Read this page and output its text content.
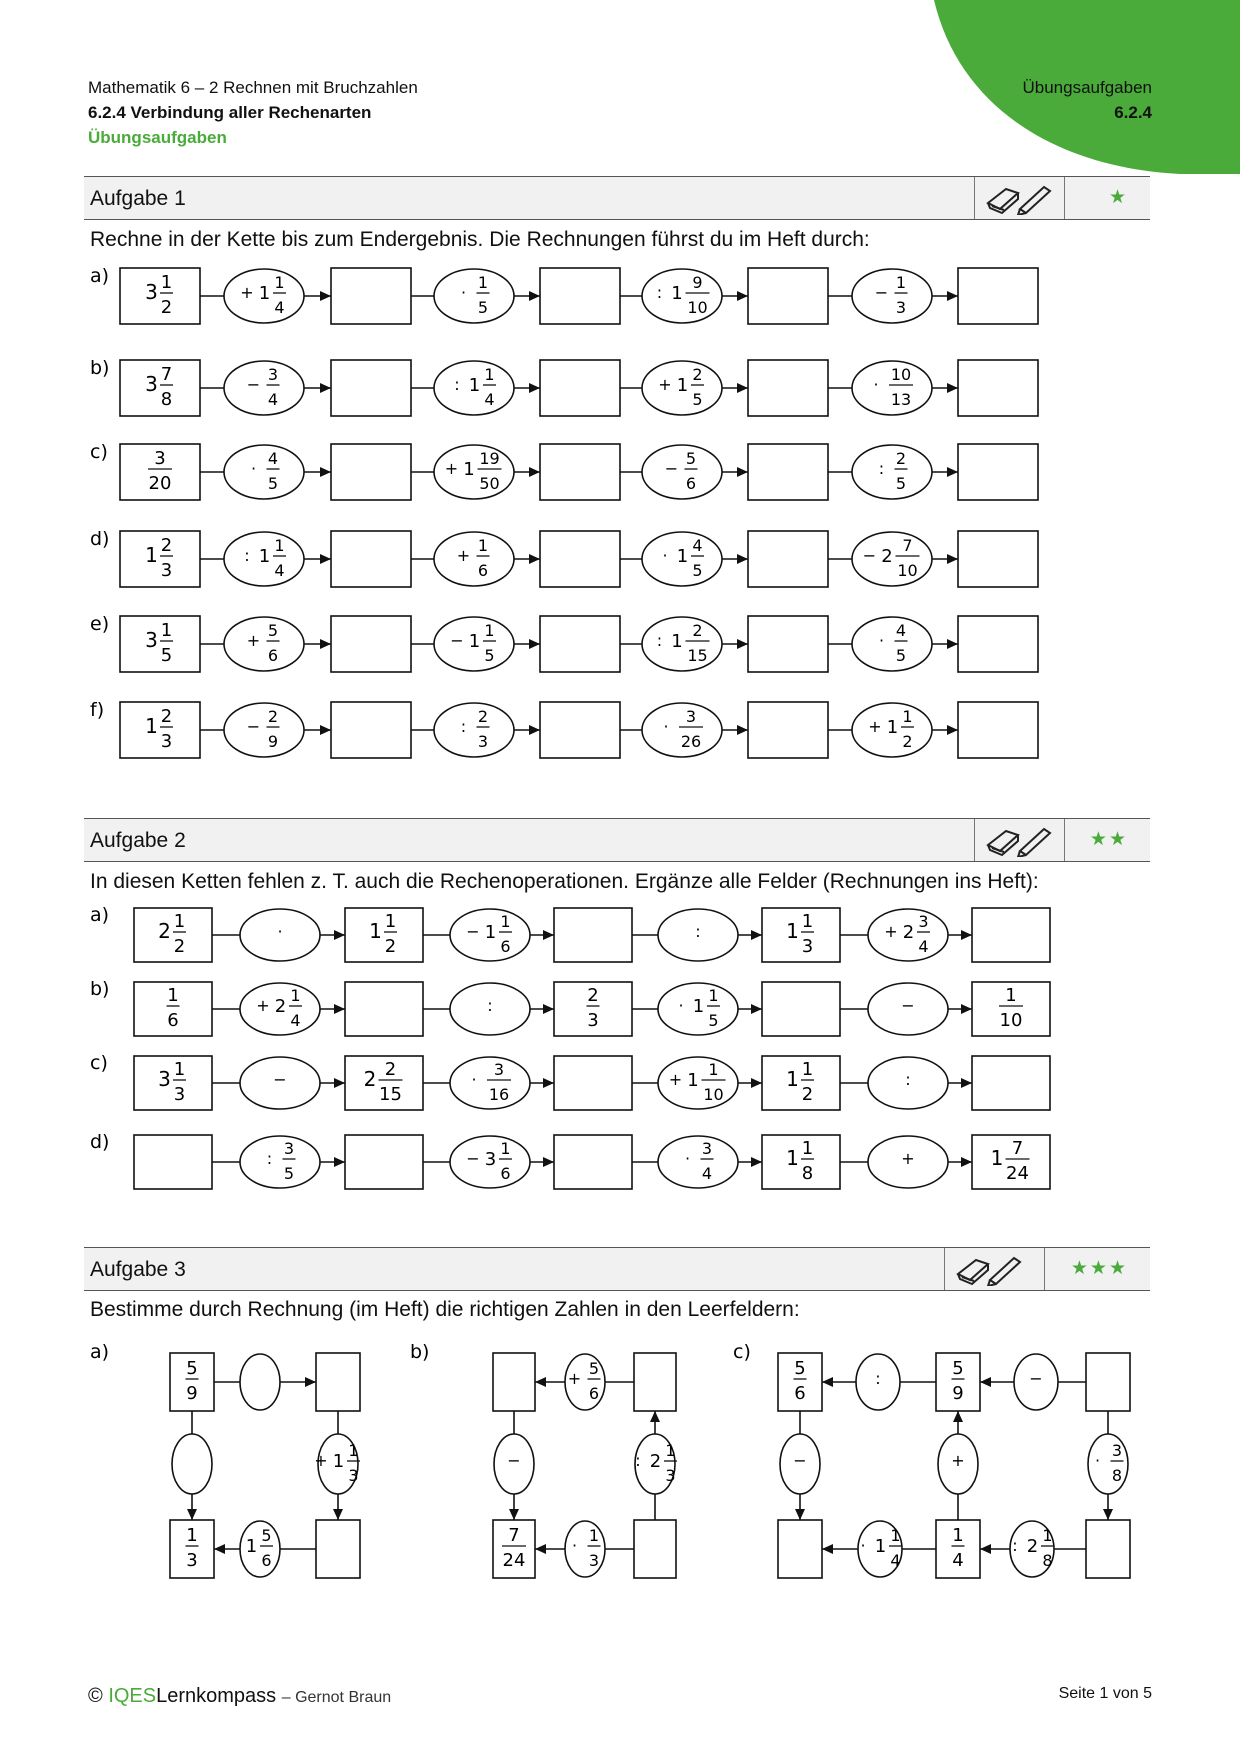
Mathematik 6 – 2 Rechnen mit Bruchzahlen
6.2.4 Verbindung aller Rechenarten
Übungsaufgaben
Übungsaufgaben
6.2.4
Aufgabe 1	★
Rechne in der Kette bis zum Endergebnis. Die Rechnungen führst du im Heft durch:
a)
3 1
2
+ 1
1
4
·
1
5
: 1
9
10
−
1
3
b)
3 7
8
−
3
4
: 1
1
4
+ 1
2
5
·
10
13
c)	3
20
·
4
5
+ 1
19
50
−
5
6
:
2
5
d)
1 2
3
: 1
1
4
+
1
6
· 1
4
5
− 2
7
10
e)
3 1
5
+
5
6
− 1
1
5
: 1
2
15
·
4
5
f)
1 2
3
−
2
9
:
2
3
·
3
26
+ 1
1
2
a)
2 1
2
1 1
2
1 1
3
·	− 1
1
6
:	+ 2
3
4
b)	1
6
2
3
1
10
+ 2
1
4
:	· 1
1
5
−
c)
3 1
3
2 2
15
1 1
2
−	·
3
16
+ 1
1
10
:
d)
1 1
8
1 7
24
:
3
5
− 3
1
6
·
3
4
+
a)
5
9
1
3
+ 1
1
3
1
5
6
b)
7
24
+
5
6
−	: 2
1
3
·
1
3
c)
5
6
5
9
1
4
:	−
−	+	·
3
8
· 1
1
4
: 2
1
8
Aufgabe 2	★★
In diesen Ketten fehlen z. T. auch die Rechenoperationen. Ergänze alle Felder (Rechnungen ins Heft):
Aufgabe 3	★★★
Bestimme durch Rechnung (im Heft) die richtigen Zahlen in den Leerfeldern:
© IQESLernkompass – Gernot Braun	Seite 1 von 5
